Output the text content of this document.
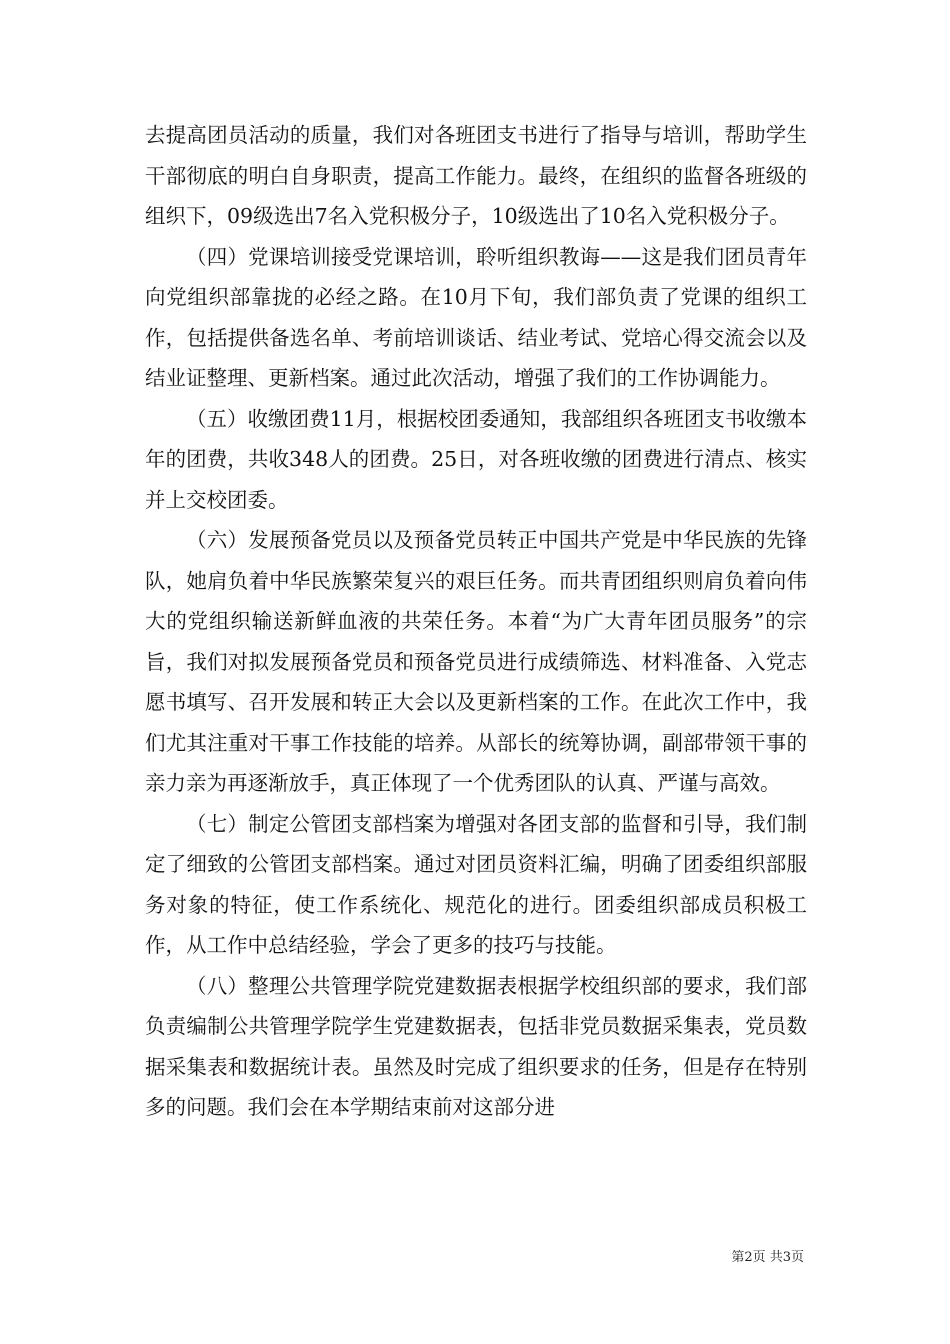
去提高团员活动的质量，我们对各班团支书进行了指导与培训，帮助学生干部彻底的明白自身职责，提高工作能力。最终，在组织的监督各班级的组织下，09级选出7名入党积极分子，10级选出了10名入党积极分子。

（四）党课培训接受党课培训，聆听组织教诲——这是我们团员青年向党组织部靠拢的必经之路。在10月下旬，我们部负责了党课的组织工作，包括提供备选名单、考前培训谈话、结业考试、党培心得交流会以及结业证整理、更新档案。通过此次活动，增强了我们的工作协调能力。

（五）收缴团费11月，根据校团委通知，我部组织各班团支书收缴本年的团费，共收348人的团费。25日，对各班收缴的团费进行清点、核实并上交校团委。

（六）发展预备党员以及预备党员转正中国共产党是中华民族的先锋队，她肩负着中华民族繁荣复兴的艰巨任务。而共青团组织则肩负着向伟大的党组织输送新鲜血液的共荣任务。本着“为广大青年团员服务”的宗旨，我们对拟发展预备党员和预备党员进行成绩筛选、材料准备、入党志愿书填写、召开发展和转正大会以及更新档案的工作。在此次工作中，我们尤其注重对干事工作技能的培养。从部长的统筹协调，副部带领干事的亲力亲为再逐渐放手，真正体现了一个优秀团队的认真、严谨与高效。

（七）制定公管团支部档案为增强对各团支部的监督和引导，我们制定了细致的公管团支部档案。通过对团员资料汇编，明确了团委组织部服务对象的特征，使工作系统化、规范化的进行。团委组织部成员积极工作，从工作中总结经验，学会了更多的技巧与技能。

（八）整理公共管理学院党建数据表根据学校组织部的要求，我们部负责编制公共管理学院学生党建数据表，包括非党员数据采集表，党员数据采集表和数据统计表。虽然及时完成了组织要求的任务，但是存在特别多的问题。我们会在本学期结束前对这部分进

第2页 共3页
